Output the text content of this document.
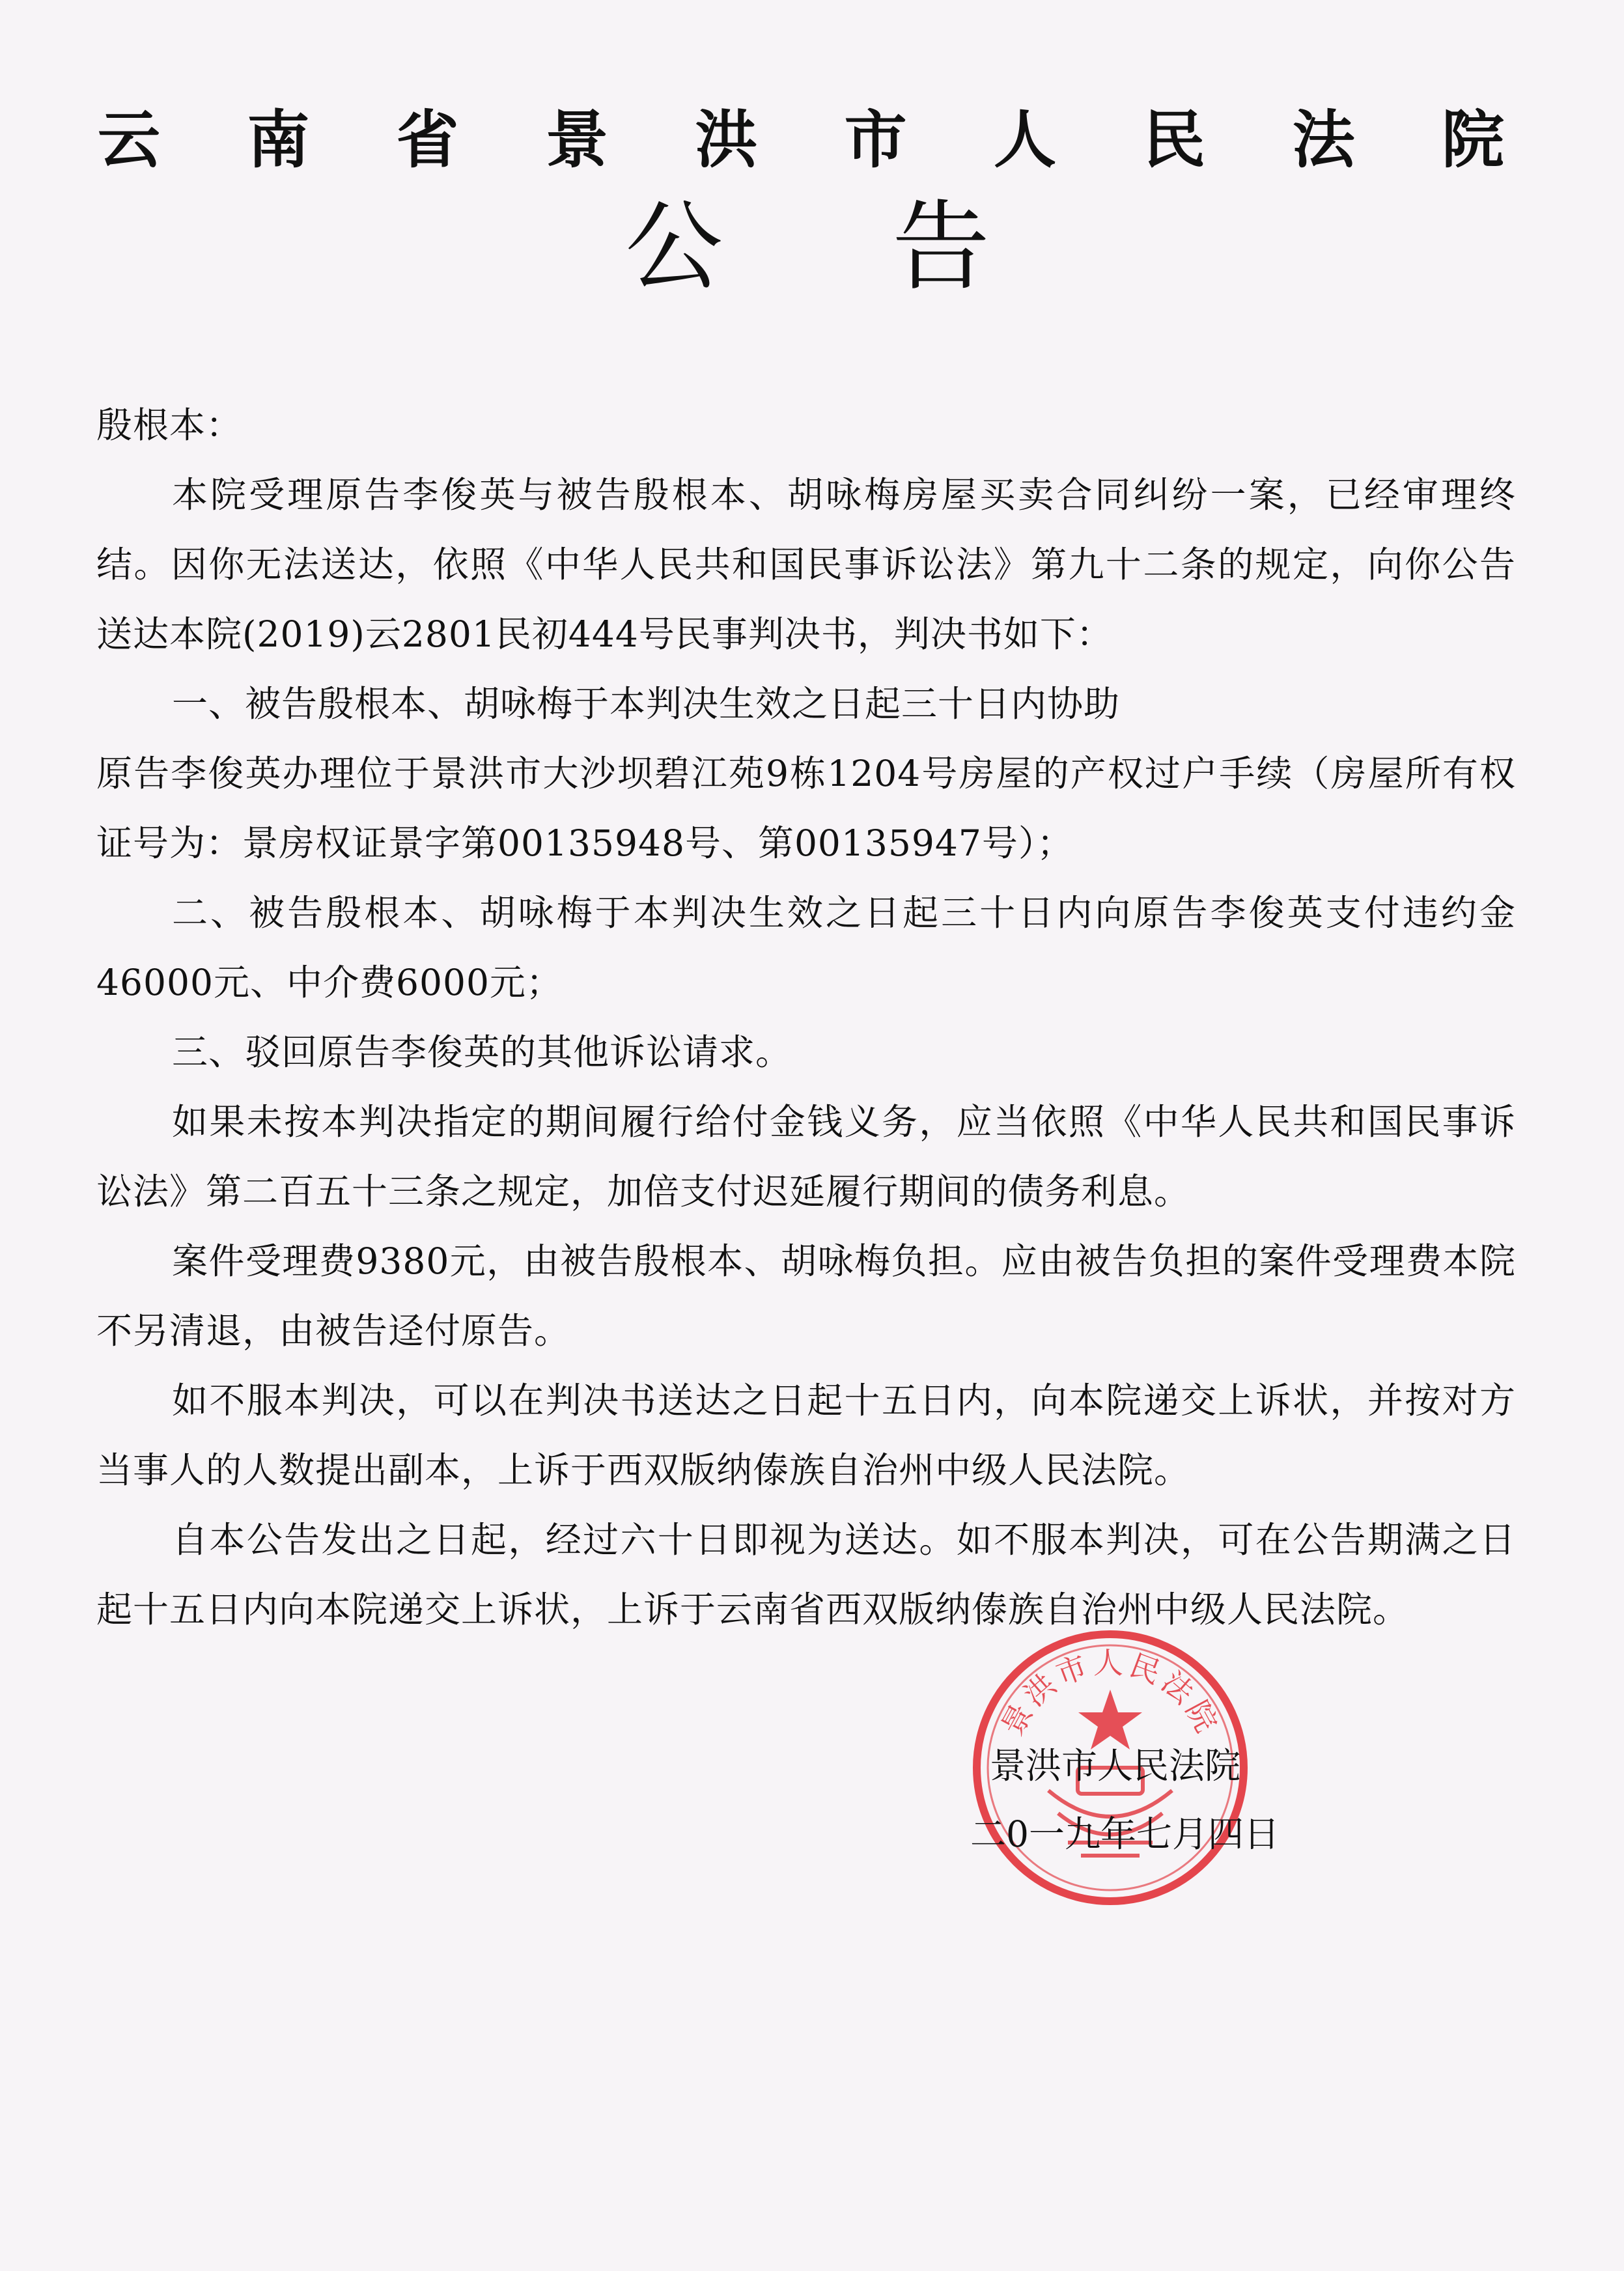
云 南 省 景 洪 市 人 民 法 院
公 告

殷根本：

本院受理原告李俊英与被告殷根本、胡咏梅房屋买卖合同纠纷一案，已经审理终结。因你无法送达，依照《中华人民共和国民事诉讼法》第九十二条的规定，向你公告送达本院(2019)云2801民初444号民事判决书，判决书如下：

一、被告殷根本、胡咏梅于本判决生效之日起三十日内协助

原告李俊英办理位于景洪市大沙坝碧江苑9栋1204号房屋的产权过户手续（房屋所有权证号为：景房权证景字第00135948号、第00135947号）；

二、被告殷根本、胡咏梅于本判决生效之日起三十日内向原告李俊英支付违约金46000元、中介费6000元；

三、驳回原告李俊英的其他诉讼请求。

如果未按本判决指定的期间履行给付金钱义务，应当依照《中华人民共和国民事诉讼法》第二百五十三条之规定，加倍支付迟延履行期间的债务利息。

案件受理费9380元，由被告殷根本、胡咏梅负担。应由被告负担的案件受理费本院不另清退，由被告迳付原告。

如不服本判决，可以在判决书送达之日起十五日内，向本院递交上诉状，并按对方当事人的人数提出副本，上诉于西双版纳傣族自治州中级人民法院。

自本公告发出之日起，经过六十日即视为送达。如不服本判决，可在公告期满之日起十五日内向本院递交上诉状，上诉于云南省西双版纳傣族自治州中级人民法院。

景洪市人民法院
景洪市人民法院
二0一九年七月四日
